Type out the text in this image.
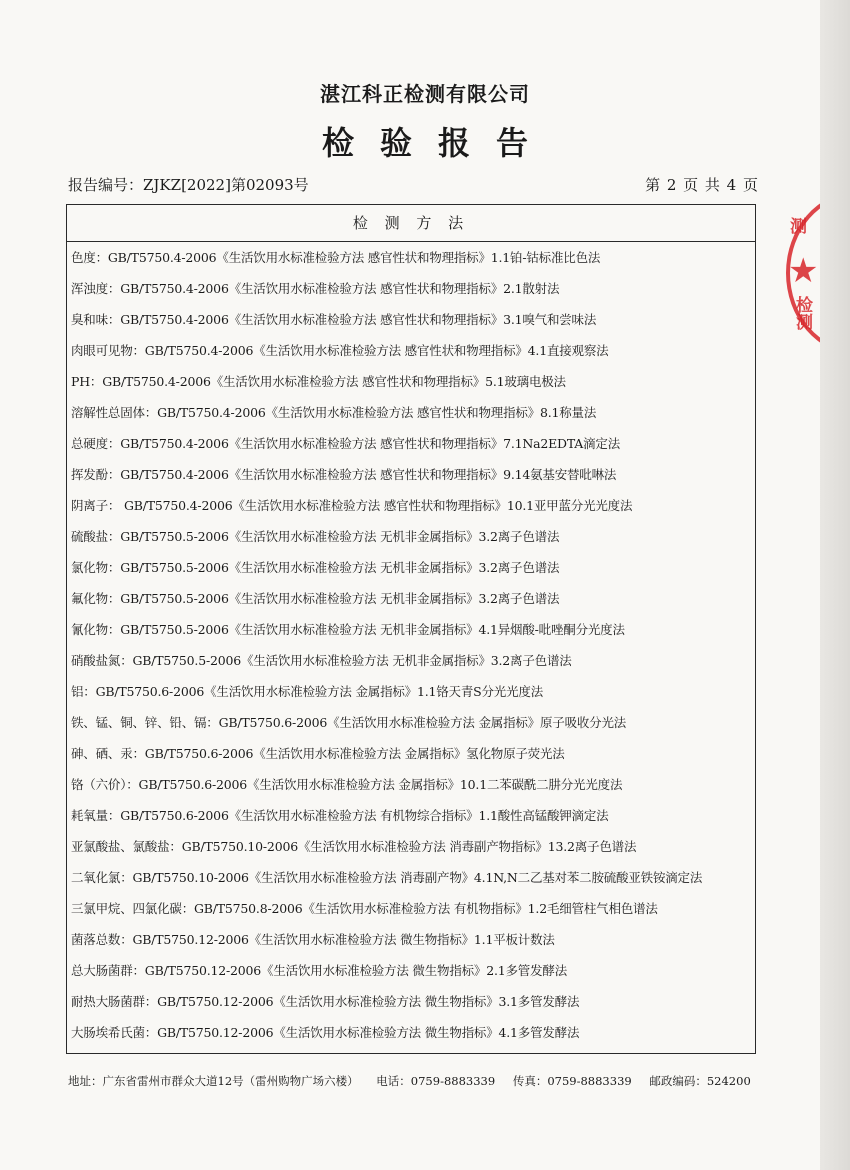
湛江科正检测有限公司
检验报告
报告编号：ZJKZ[2022]第02093号	第 2 页 共 4 页
检 测 方 法
色度：GB/T5750.4-2006《生活饮用水标准检验方法 感官性状和物理指标》1.1铂-钴标准比色法
浑浊度：GB/T5750.4-2006《生活饮用水标准检验方法 感官性状和物理指标》2.1散射法
臭和味：GB/T5750.4-2006《生活饮用水标准检验方法 感官性状和物理指标》3.1嗅气和尝味法
肉眼可见物：GB/T5750.4-2006《生活饮用水标准检验方法 感官性状和物理指标》4.1直接观察法
PH：GB/T5750.4-2006《生活饮用水标准检验方法 感官性状和物理指标》5.1玻璃电极法
溶解性总固体：GB/T5750.4-2006《生活饮用水标准检验方法 感官性状和物理指标》8.1称量法
总硬度：GB/T5750.4-2006《生活饮用水标准检验方法 感官性状和物理指标》7.1Na2EDTA滴定法
挥发酚：GB/T5750.4-2006《生活饮用水标准检验方法 感官性状和物理指标》9.14氨基安替吡啉法
阴离子： GB/T5750.4-2006《生活饮用水标准检验方法 感官性状和物理指标》10.1亚甲蓝分光光度法
硫酸盐：GB/T5750.5-2006《生活饮用水标准检验方法 无机非金属指标》3.2离子色谱法
氯化物：GB/T5750.5-2006《生活饮用水标准检验方法 无机非金属指标》3.2离子色谱法
氟化物：GB/T5750.5-2006《生活饮用水标准检验方法 无机非金属指标》3.2离子色谱法
氰化物：GB/T5750.5-2006《生活饮用水标准检验方法 无机非金属指标》4.1异烟酸-吡唑酮分光度法
硝酸盐氮：GB/T5750.5-2006《生活饮用水标准检验方法 无机非金属指标》3.2离子色谱法
铝：GB/T5750.6-2006《生活饮用水标准检验方法 金属指标》1.1铬天青S分光光度法
铁、锰、铜、锌、铅、镉：GB/T5750.6-2006《生活饮用水标准检验方法 金属指标》原子吸收分光法
砷、硒、汞：GB/T5750.6-2006《生活饮用水标准检验方法 金属指标》氢化物原子荧光法
铬（六价）：GB/T5750.6-2006《生活饮用水标准检验方法 金属指标》10.1二苯碳酰二肼分光光度法
耗氧量：GB/T5750.6-2006《生活饮用水标准检验方法 有机物综合指标》1.1酸性高锰酸钾滴定法
亚氯酸盐、氯酸盐：GB/T5750.10-2006《生活饮用水标准检验方法 消毒副产物指标》13.2离子色谱法
二氧化氯：GB/T5750.10-2006《生活饮用水标准检验方法 消毒副产物》4.1N,N二乙基对苯二胺硫酸亚铁铵滴定法
三氯甲烷、四氯化碳：GB/T5750.8-2006《生活饮用水标准检验方法 有机物指标》1.2毛细管柱气相色谱法
菌落总数：GB/T5750.12-2006《生活饮用水标准检验方法 微生物指标》1.1平板计数法
总大肠菌群：GB/T5750.12-2006《生活饮用水标准检验方法 微生物指标》2.1多管发酵法
耐热大肠菌群：GB/T5750.12-2006《生活饮用水标准检验方法 微生物指标》3.1多管发酵法
大肠埃希氏菌：GB/T5750.12-2006《生活饮用水标准检验方法 微生物指标》4.1多管发酵法
地址：广东省雷州市群众大道12号（雷州购物广场六楼） 电话：0759-8883339 传真：0759-8883339 邮政编码：524200
测
★
检测
